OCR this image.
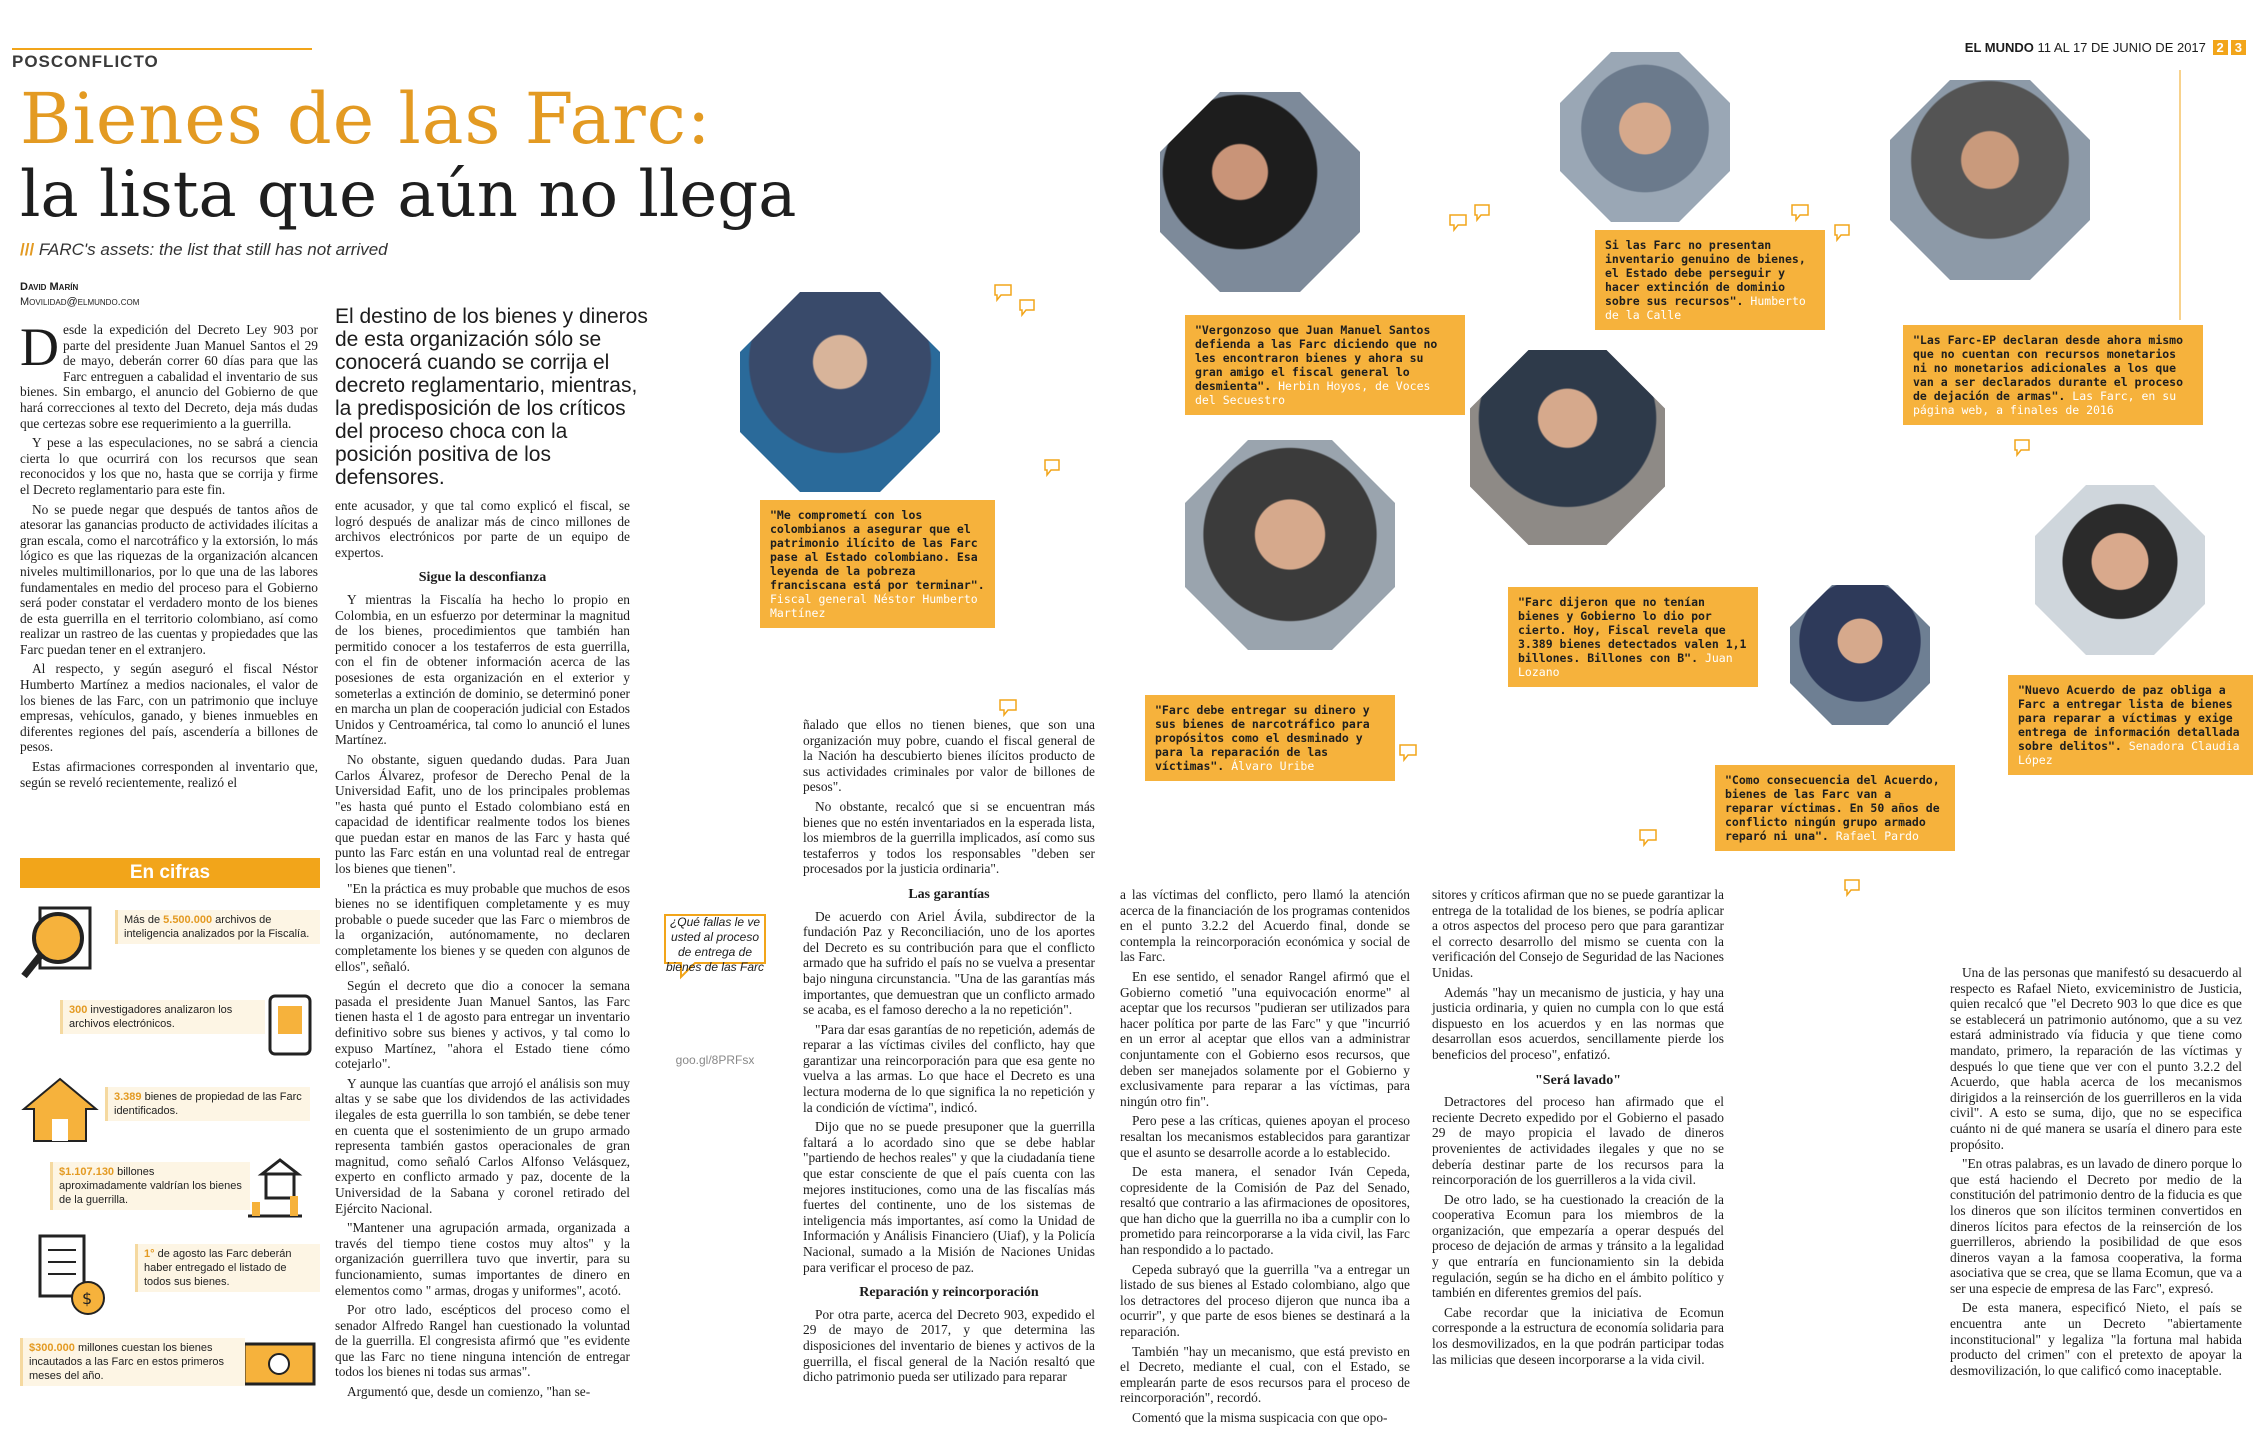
EL MUNDO 11 AL 17 DE JUNIO DE 2017 2 3
POSCONFLICTO
Bienes de las Farc:
la lista que aún no llega
/// FARC's assets: the list that still has not arrived
David Marín
Movilidad@elmundo.com
El destino de los bienes y dineros de esta organización sólo se conocerá cuando se corrija el decreto reglamentario, mientras, la predisposición de los críticos del proceso choca con la posición positiva de los defensores.

Desde la expedición del Decreto Ley 903 por parte del presidente Juan Manuel Santos el 29 de mayo, deberán correr 60 días para que las Farc entreguen a cabalidad el inventario de sus bienes. Sin embargo, el anuncio del Gobierno de que hará correcciones al texto del Decreto, deja más dudas que certezas sobre ese requerimiento a la guerrilla.

Y pese a las especulaciones, no se sabrá a ciencia cierta lo que ocurrirá con los recursos que sean reconocidos y los que no, hasta que se corrija y firme el Decreto reglamentario para este fin.

No se puede negar que después de tantos años de atesorar las ganancias producto de actividades ilícitas a gran escala, como el narcotráfico y la extorsión, lo más lógico es que las riquezas de la organización alcancen niveles multimillonarios, por lo que una de las labores fundamentales en medio del proceso para el Gobierno será poder constatar el verdadero monto de los bienes de esta guerrilla en el territorio colombiano, así como realizar un rastreo de las cuentas y propiedades que las Farc puedan tener en el extranjero.

Al respecto, y según aseguró el fiscal Néstor Humberto Martínez a medios nacionales, el valor de los bienes de las Farc, con un patrimonio que incluye empresas, vehículos, ganado, y bienes inmuebles en diferentes regiones del país, ascendería a billones de pesos.

Estas afirmaciones corresponden al inventario que, según se reveló recientemente, realizó el

En cifras
Más de 5.500.000 archivos de inteligencia analizados por la Fiscalía.
300 investigadores analizaron los archivos electrónicos.
3.389 bienes de propiedad de las Farc identificados.
$1.107.130 billones aproximadamente valdrían los bienes de la guerrilla.
$
1° de agosto las Farc deberán haber entregado el listado de todos sus bienes.
$300.000 millones cuestan los bienes incautados a las Farc en estos primeros meses del año.

ente acusador, y que tal como explicó el fiscal, se logró después de analizar más de cinco millones de archivos electrónicos por parte de un equipo de expertos.

Sigue la desconfianza

Y mientras la Fiscalía ha hecho lo propio en Colombia, en un esfuerzo por determinar la magnitud de los bienes, procedimientos que también han permitido conocer a los testaferros de esta guerrilla, con el fin de obtener información acerca de las posesiones de esta organización en el exterior y someterlas a extinción de dominio, se determinó poner en marcha un plan de cooperación judicial con Estados Unidos y Centroamérica, tal como lo anunció el lunes Martínez.

No obstante, siguen quedando dudas. Para Juan Carlos Álvarez, profesor de Derecho Penal de la Universidad Eafit, uno de los principales problemas "es hasta qué punto el Estado colombiano está en capacidad de identificar realmente todos los bienes que puedan estar en manos de las Farc y hasta qué punto las Farc están en una voluntad real de entregar los bienes que tienen".

"En la práctica es muy probable que muchos de esos bienes no se identifiquen completamente y es muy probable o puede suceder que las Farc o miembros de la organización, autónomamente, no declaren completamente los bienes y se queden con algunos de ellos", señaló.

Según el decreto que dio a conocer la semana pasada el presidente Juan Manuel Santos, las Farc tienen hasta el 1 de agosto para entregar un inventario definitivo sobre sus bienes y activos, y tal como lo expuso Martínez, "ahora el Estado tiene cómo cotejarlo".

Y aunque las cuantías que arrojó el análisis son muy altas y se sabe que los dividendos de las actividades ilegales de esta guerrilla lo son también, se debe tener en cuenta que el sostenimiento de un grupo armado representa también gastos operacionales de gran magnitud, como señaló Carlos Alfonso Velásquez, experto en conflicto armado y paz, docente de la Universidad de la Sabana y coronel retirado del Ejército Nacional.

"Mantener una agrupación armada, organizada a través del tiempo tiene costos muy altos" y la organización guerrillera tuvo que invertir, para su funcionamiento, sumas importantes de dinero en elementos como " armas, drogas y uniformes", acotó.

Por otro lado, escépticos del proceso como el senador Alfredo Rangel han cuestionado la voluntad de la guerrilla. El congresista afirmó que "es evidente que las Farc no tiene ninguna intención de entregar todos los bienes ni todas sus armas".

Argumentó que, desde un comienzo, "han se-

"Me comprometí con los colombianos a asegurar que el patrimonio ilícito de las Farc pase al Estado colombiano. Esa leyenda de la pobreza franciscana está por terminar". Fiscal general Néstor Humberto Martínez

ñalado que ellos no tienen bienes, que son una organización muy pobre, cuando el fiscal general de la Nación ha descubierto bienes ilícitos producto de sus actividades criminales por valor de billones de pesos".

No obstante, recalcó que si se encuentran más bienes que no estén inventariados en la esperada lista, los miembros de la guerrilla implicados, así como sus testaferros y todos los responsables "deben ser procesados por la justicia ordinaria".

Las garantías

De acuerdo con Ariel Ávila, subdirector de la fundación Paz y Reconciliación, uno de los aportes del Decreto es su contribución para que el conflicto armado que ha sufrido el país no se vuelva a presentar bajo ninguna circunstancia. "Una de las garantías más importantes, que demuestran que un conflicto armado se acaba, es el famoso derecho a la no repetición".

"Para dar esas garantías de no repetición, además de reparar a las víctimas civiles del conflicto, hay que garantizar una reincorporación para que esa gente no vuelva a las armas. Lo que hace el Decreto es una lectura moderna de lo que significa la no repetición y la condición de víctima", indicó.

Dijo que no se puede presuponer que la guerrilla faltará a lo acordado sino que se debe hablar "partiendo de hechos reales" y que la ciudadanía tiene que estar consciente de que el país cuenta con las mejores instituciones, como una de las fiscalías más fuertes del continente, uno de los sistemas de inteligencia más importantes, así como la Unidad de Información y Análisis Financiero (Uiaf), y la Policía Nacional, sumado a la Misión de Naciones Unidas para verificar el proceso de paz.

Reparación y reincorporación

Por otra parte, acerca del Decreto 903, expedido el 29 de mayo de 2017, y que determina las disposiciones del inventario de bienes y activos de la guerrilla, el fiscal general de la Nación resaltó que dicho patrimonio pueda ser utilizado para reparar

¿Qué fallas le ve usted al proceso de entrega de bienes de las Farc
goo.gl/8PRFsx

a las víctimas del conflicto, pero llamó la atención acerca de la financiación de los programas contenidos en el punto 3.2.2 del Acuerdo final, donde se contempla la reincorporación económica y social de las Farc.

En ese sentido, el senador Rangel afirmó que el Gobierno cometió "una equivocación enorme" al aceptar que los recursos "pudieran ser utilizados para hacer política por parte de las Farc" y que "incurrió en un error al aceptar que ellos van a administrar conjuntamente con el Gobierno esos recursos, que deben ser manejados solamente por el Gobierno y exclusivamente para reparar a las víctimas, para ningún otro fin".

Pero pese a las críticas, quienes apoyan el proceso resaltan los mecanismos establecidos para garantizar que el asunto se desarrolle acorde a lo establecido.

De esta manera, el senador Iván Cepeda, copresidente de la Comisión de Paz del Senado, resaltó que contrario a las afirmaciones de opositores, que han dicho que la guerrilla no iba a cumplir con lo prometido para reincorporarse a la vida civil, las Farc han respondido a lo pactado.

Cepeda subrayó que la guerrilla "va a entregar un listado de sus bienes al Estado colombiano, algo que los detractores del proceso dijeron que nunca iba a ocurrir", y que parte de esos bienes se destinará a la reparación.

También "hay un mecanismo, que está previsto en el Decreto, mediante el cual, con el Estado, se emplearán parte de esos recursos para el proceso de reincorporación", recordó.

Comentó que la misma suspicacia con que opo-

sitores y críticos afirman que no se puede garantizar la entrega de la totalidad de los bienes, se podría aplicar a otros aspectos del proceso pero que para garantizar el correcto desarrollo del mismo se cuenta con la verificación del Consejo de Seguridad de las Naciones Unidas.

Además "hay un mecanismo de justicia, y hay una justicia ordinaria, y quien no cumpla con lo que está dispuesto en los acuerdos y en las normas que desarrollan esos acuerdos, sencillamente pierde los beneficios del proceso", enfatizó.

"Será lavado"

Detractores del proceso han afirmado que el reciente Decreto expedido por el Gobierno el pasado 29 de mayo propicia el lavado de dineros provenientes de actividades ilegales y que no se debería destinar parte de los recursos para la reincorporación de los guerrilleros a la vida civil.

De otro lado, se ha cuestionado la creación de la cooperativa Ecomun para los miembros de la organización, que empezaría a operar después del proceso de dejación de armas y tránsito a la legalidad y que entraría en funcionamiento sin la debida regulación, según se ha dicho en el ámbito político y también en diferentes gremios del país.

Cabe recordar que la iniciativa de Ecomun corresponde a la estructura de economía solidaria para los desmovilizados, en la que podrán participar todas las milicias que deseen incorporarse a la vida civil.

Una de las personas que manifestó su desacuerdo al respecto es Rafael Nieto, exviceministro de Justicia, quien recalcó que "el Decreto 903 lo que dice es que se establecerá un patrimonio autónomo, que a su vez estará administrado vía fiducia y que tiene como mandato, primero, la reparación de las víctimas y después lo que tiene que ver con el punto 3.2.2 del Acuerdo, que habla acerca de los mecanismos dirigidos a la reinserción de los guerrilleros en la vida civil". A esto se suma, dijo, que no se especifica cuánto ni de qué manera se usaría el dinero para este propósito.

"En otras palabras, es un lavado de dinero porque lo que está haciendo el Decreto por medio de la constitución del patrimonio dentro de la fiducia es que los dineros que son ilícitos terminen convertidos en dineros lícitos para efectos de la reinserción de los guerrilleros, abriendo la posibilidad de que esos dineros vayan a la famosa cooperativa, la forma asociativa que se crea, que se llama Ecomun, que va a ser una especie de empresa de las Farc", expresó.

De esta manera, especificó Nieto, el país se encuentra ante un Decreto "abiertamente inconstitucional" y legaliza "la fortuna mal habida producto del crimen" con el pretexto de apoyar la desmovilización, lo que calificó como inaceptable.

"Vergonzoso que Juan Manuel Santos defienda a las Farc diciendo que no les encontraron bienes y ahora su gran amigo el fiscal general lo desmienta". Herbin Hoyos, de Voces del Secuestro
Si las Farc no presentan inventario genuino de bienes, el Estado debe perseguir y hacer extinción de dominio sobre sus recursos". Humberto de la Calle
"Las Farc-EP declaran desde ahora mismo que no cuentan con recursos monetarios ni no monetarios adicionales a los que van a ser declarados durante el proceso de dejación de armas". Las Farc, en su página web, a finales de 2016
"Farc dijeron que no tenían bienes y Gobierno lo dio por cierto. Hoy, Fiscal revela que 3.389 bienes detectados valen 1,1 billones. Billones con B". Juan Lozano
"Farc debe entregar su dinero y sus bienes de narcotráfico para propósitos como el desminado y para la reparación de las víctimas". Álvaro Uribe
"Como consecuencia del Acuerdo, bienes de las Farc van a reparar víctimas. En 50 años de conflicto ningún grupo armado reparó ni una". Rafael Pardo
"Nuevo Acuerdo de paz obliga a Farc a entregar lista de bienes para reparar a víctimas y exige entrega de información detallada sobre delitos". Senadora Claudia López
